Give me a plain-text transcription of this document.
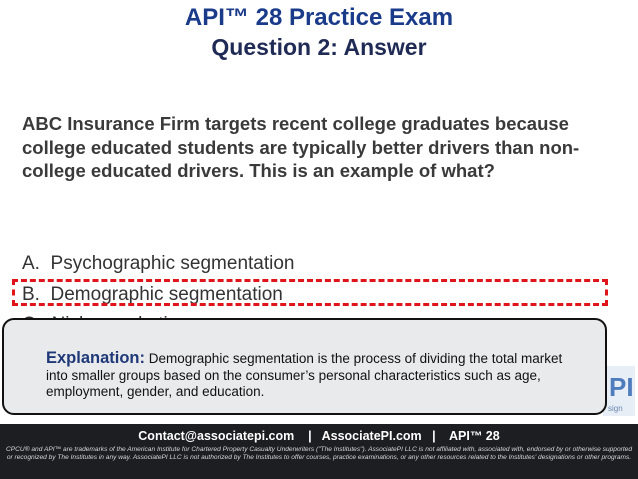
API™ 28 Practice Exam
Question 2: Answer
ABC Insurance Firm targets recent college graduates because college educated students are typically better drivers than non-college educated drivers. This is an example of what?
A. Psychographic segmentation
B. Demographic segmentation

PI
sign
Explanation: Demographic segmentation is the process of dividing the total market into smaller groups based on the consumer’s personal characteristics such as age, employment, gender, and education.
Contact@associatepi.com    |   AssociatePI.com   |    API™ 28
CPCU® and API™ are trademarks of the American Institute for Chartered Property Casualty Underwriters ("The Institutes"). AssociatePI LLC is not affiliated with, associated with, endorsed by or otherwise supported or recognized by The Institutes in any way. AssociatePI LLC is not authorized by The Institutes to offer courses, practice examinations, or any other resources related to the Institutes' designations or other programs.
